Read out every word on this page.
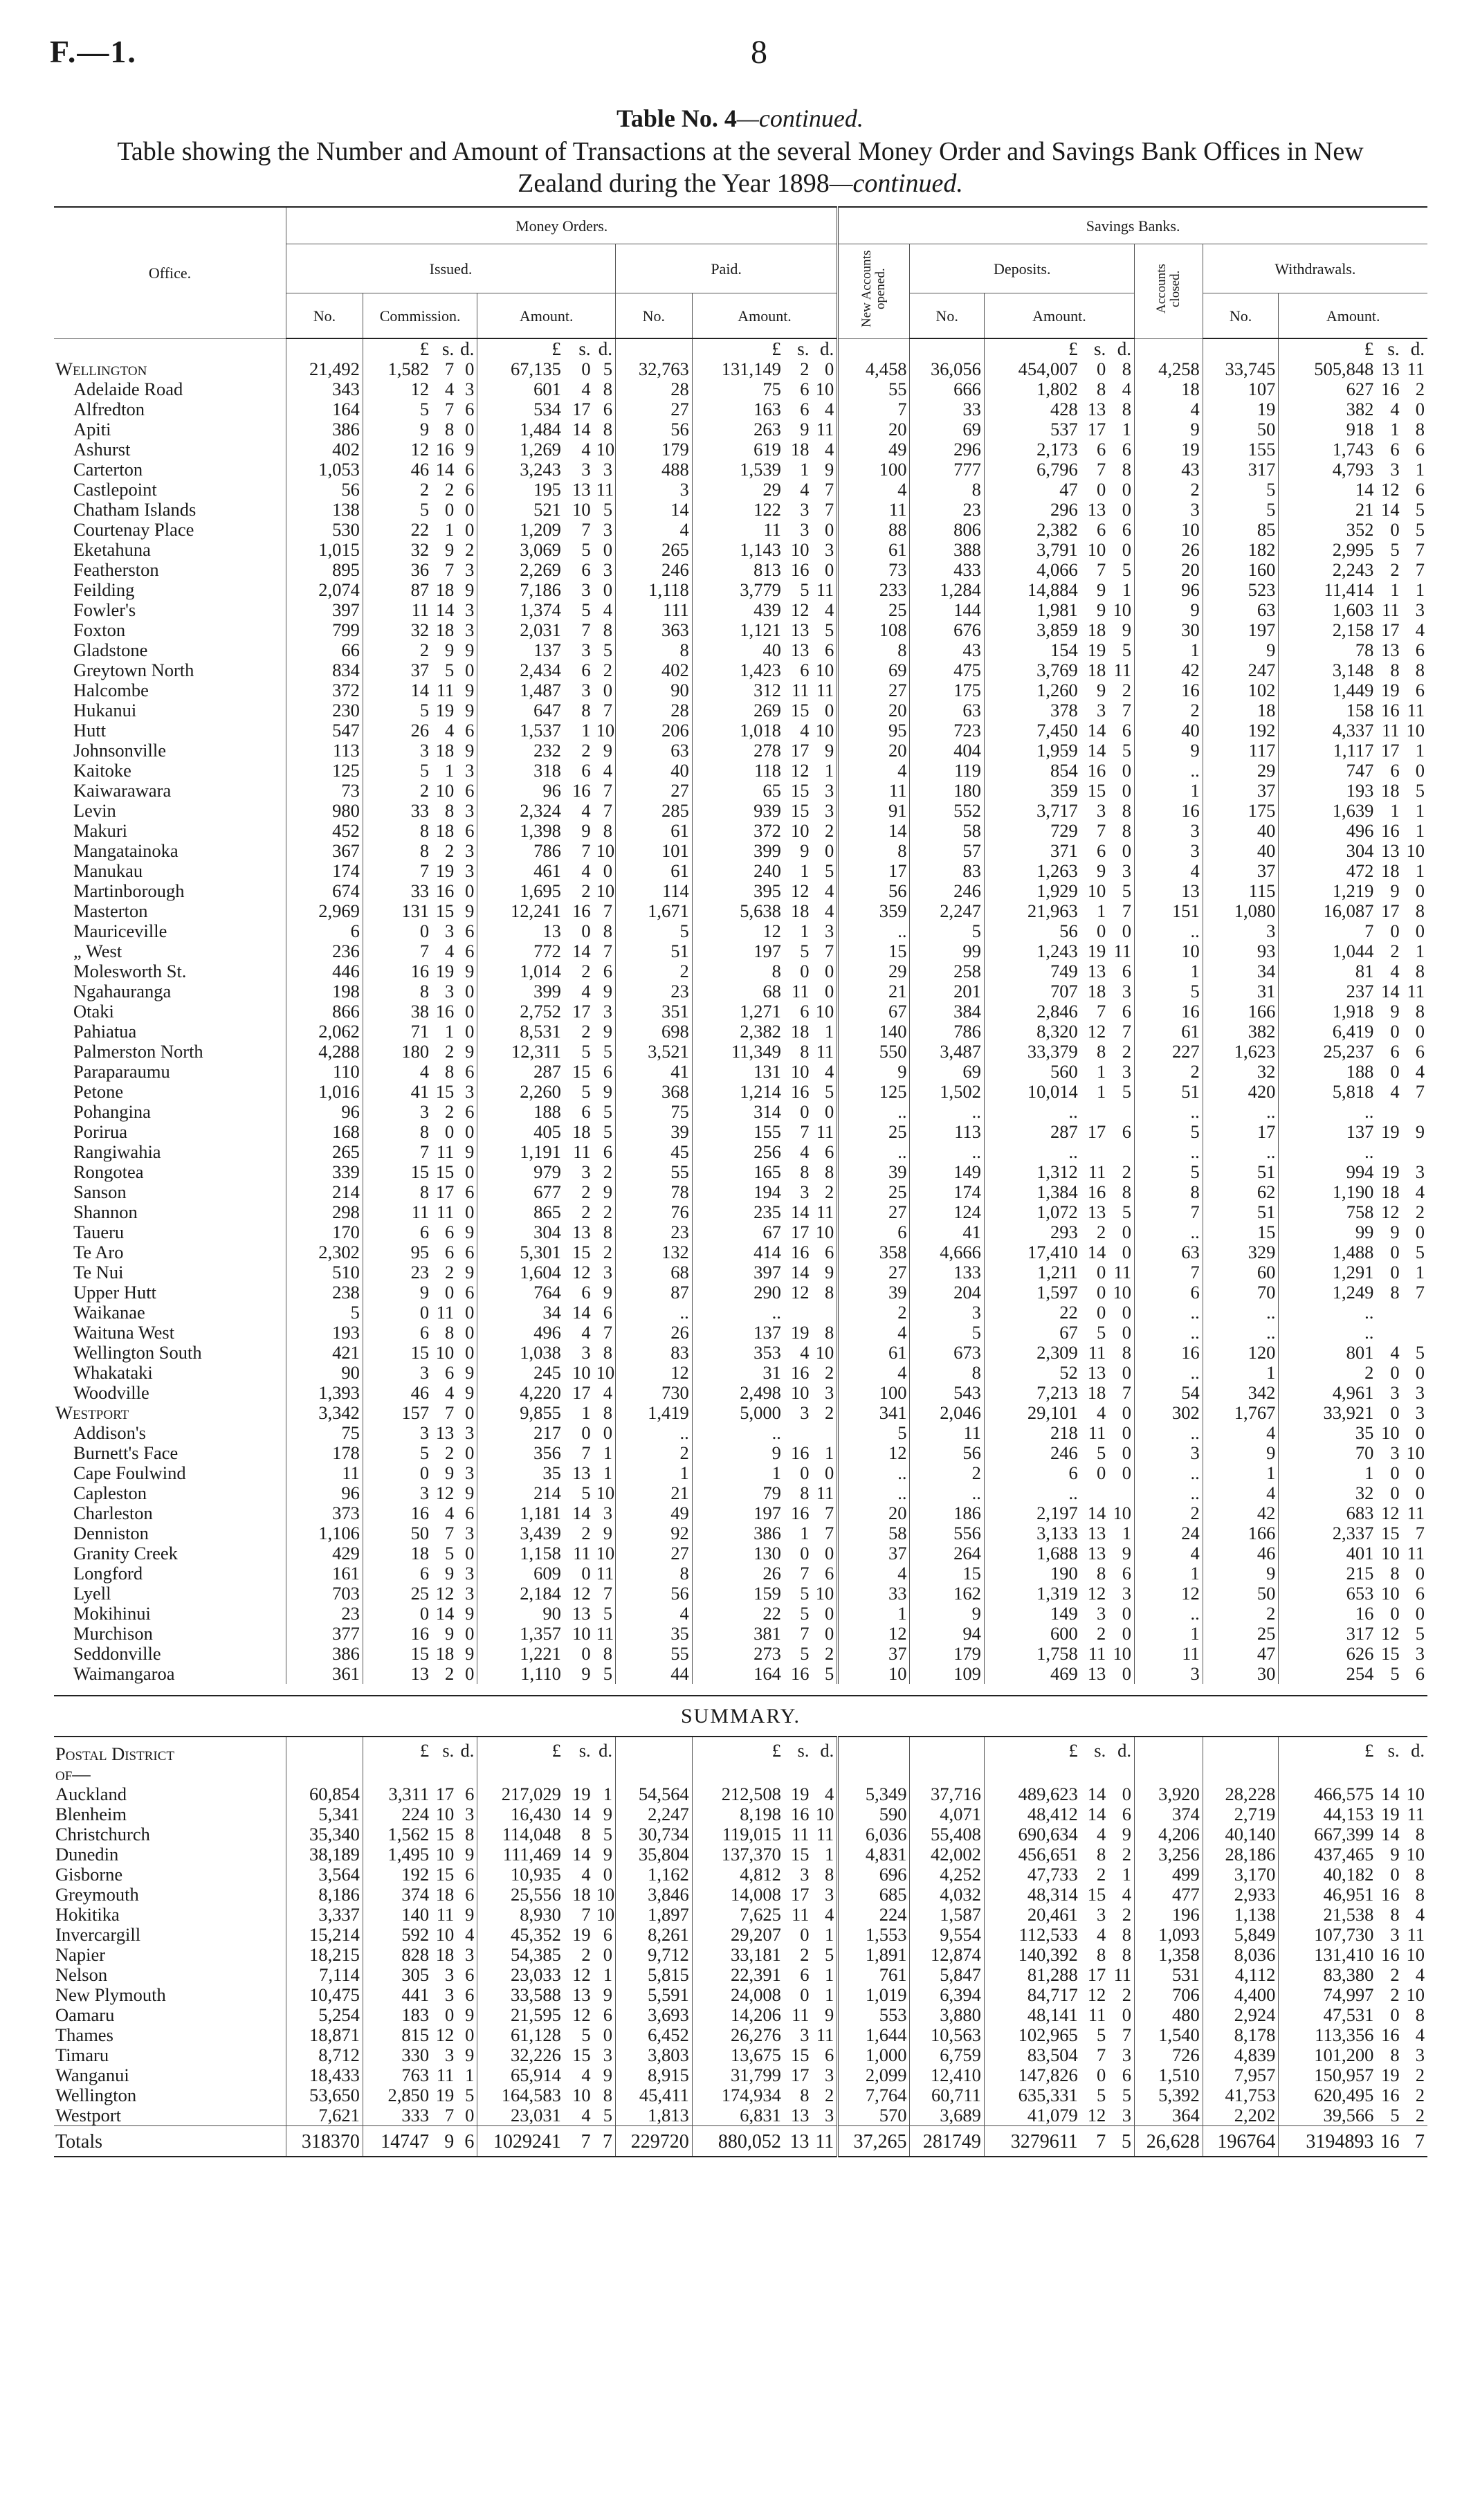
F.—1.	8
Table No. 4—continued.
Table showing the Number and Amount of Transactions at the several Money Order and Savings Bank Offices in New Zealand during the Year 1898—continued.
Office.	Money Orders.											Savings Banks.									
	Issued.							Paid.				New Accounts opened.	Deposits.				Accounts closed.	Withdrawals.			
	No.	Commission.			Amount.			No.	Amount.				No.	Amount.				No.	Amount.		
		£	s.	d.	£	s.	d.		£	s.	d.			£	s.	d.			£	s.	d.
Wellington	21,492	1,582	7	0	67,135	0	5	32,763	131,149	2	0	4,458	36,056	454,007	0	8	4,258	33,745	505,848	13	11
Adelaide Road	343	12	4	3	601	4	8	28	75	6	10	55	666	1,802	8	4	18	107	627	16	2
Alfredton	164	5	7	6	534	17	6	27	163	6	4	7	33	428	13	8	4	19	382	4	0
Apiti	386	9	8	0	1,484	14	8	56	263	9	11	20	69	537	17	1	9	50	918	1	8
Ashurst	402	12	16	9	1,269	4	10	179	619	18	4	49	296	2,173	6	6	19	155	1,743	6	6
Carterton	1,053	46	14	6	3,243	3	3	488	1,539	1	9	100	777	6,796	7	8	43	317	4,793	3	1
Castlepoint	56	2	2	6	195	13	11	3	29	4	7	4	8	47	0	0	2	5	14	12	6
Chatham Islands	138	5	0	0	521	10	5	14	122	3	7	11	23	296	13	0	3	5	21	14	5
Courtenay Place	530	22	1	0	1,209	7	3	4	11	3	0	88	806	2,382	6	6	10	85	352	0	5
Eketahuna	1,015	32	9	2	3,069	5	0	265	1,143	10	3	61	388	3,791	10	0	26	182	2,995	5	7
Featherston	895	36	7	3	2,269	6	3	246	813	16	0	73	433	4,066	7	5	20	160	2,243	2	7
Feilding	2,074	87	18	9	7,186	3	0	1,118	3,779	5	11	233	1,284	14,884	9	1	96	523	11,414	1	1
Fowler's	397	11	14	3	1,374	5	4	111	439	12	4	25	144	1,981	9	10	9	63	1,603	11	3
Foxton	799	32	18	3	2,031	7	8	363	1,121	13	5	108	676	3,859	18	9	30	197	2,158	17	4
Gladstone	66	2	9	9	137	3	5	8	40	13	6	8	43	154	19	5	1	9	78	13	6
Greytown North	834	37	5	0	2,434	6	2	402	1,423	6	10	69	475	3,769	18	11	42	247	3,148	8	8
Halcombe	372	14	11	9	1,487	3	0	90	312	11	11	27	175	1,260	9	2	16	102	1,449	19	6
Hukanui	230	5	19	9	647	8	7	28	269	15	0	20	63	378	3	7	2	18	158	16	11
Hutt	547	26	4	6	1,537	1	10	206	1,018	4	10	95	723	7,450	14	6	40	192	4,337	11	10
Johnsonville	113	3	18	9	232	2	9	63	278	17	9	20	404	1,959	14	5	9	117	1,117	17	1
Kaitoke	125	5	1	3	318	6	4	40	118	12	1	4	119	854	16	0	..	29	747	6	0
Kaiwarawara	73	2	10	6	96	16	7	27	65	15	3	11	180	359	15	0	1	37	193	18	5
Levin	980	33	8	3	2,324	4	7	285	939	15	3	91	552	3,717	3	8	16	175	1,639	1	1
Makuri	452	8	18	6	1,398	9	8	61	372	10	2	14	58	729	7	8	3	40	496	16	1
Mangatainoka	367	8	2	3	786	7	10	101	399	9	0	8	57	371	6	0	3	40	304	13	10
Manukau	174	7	19	3	461	4	0	61	240	1	5	17	83	1,263	9	3	4	37	472	18	1
Martinborough	674	33	16	0	1,695	2	10	114	395	12	4	56	246	1,929	10	5	13	115	1,219	9	0
Masterton	2,969	131	15	9	12,241	16	7	1,671	5,638	18	4	359	2,247	21,963	1	7	151	1,080	16,087	17	8
Mauriceville	6	0	3	6	13	0	8	5	12	1	3	..	5	56	0	0	..	3	7	0	0
„ West	236	7	4	6	772	14	7	51	197	5	7	15	99	1,243	19	11	10	93	1,044	2	1
Molesworth St.	446	16	19	9	1,014	2	6	2	8	0	0	29	258	749	13	6	1	34	81	4	8
Ngahauranga	198	8	3	0	399	4	9	23	68	11	0	21	201	707	18	3	5	31	237	14	11
Otaki	866	38	16	0	2,752	17	3	351	1,271	6	10	67	384	2,846	7	6	16	166	1,918	9	8
Pahiatua	2,062	71	1	0	8,531	2	9	698	2,382	18	1	140	786	8,320	12	7	61	382	6,419	0	0
Palmerston North	4,288	180	2	9	12,311	5	5	3,521	11,349	8	11	550	3,487	33,379	8	2	227	1,623	25,237	6	6
Paraparaumu	110	4	8	6	287	15	6	41	131	10	4	9	69	560	1	3	2	32	188	0	4
Petone	1,016	41	15	3	2,260	5	9	368	1,214	16	5	125	1,502	10,014	1	5	51	420	5,818	4	7
Pohangina	96	3	2	6	188	6	5	75	314	0	0	..	..	..			..	..	..		
Porirua	168	8	0	0	405	18	5	39	155	7	11	25	113	287	17	6	5	17	137	19	9
Rangiwahia	265	7	11	9	1,191	11	6	45	256	4	6	..	..	..			..	..	..		
Rongotea	339	15	15	0	979	3	2	55	165	8	8	39	149	1,312	11	2	5	51	994	19	3
Sanson	214	8	17	6	677	2	9	78	194	3	2	25	174	1,384	16	8	8	62	1,190	18	4
Shannon	298	11	11	0	865	2	2	76	235	14	11	27	124	1,072	13	5	7	51	758	12	2
Taueru	170	6	6	9	304	13	8	23	67	17	10	6	41	293	2	0	..	15	99	9	0
Te Aro	2,302	95	6	6	5,301	15	2	132	414	16	6	358	4,666	17,410	14	0	63	329	1,488	0	5
Te Nui	510	23	2	9	1,604	12	3	68	397	14	9	27	133	1,211	0	11	7	60	1,291	0	1
Upper Hutt	238	9	0	6	764	6	9	87	290	12	8	39	204	1,597	0	10	6	70	1,249	8	7
Waikanae	5	0	11	0	34	14	6	..	..			2	3	22	0	0	..	..	..		
Waituna West	193	6	8	0	496	4	7	26	137	19	8	4	5	67	5	0	..	..	..		
Wellington South	421	15	10	0	1,038	3	8	83	353	4	10	61	673	2,309	11	8	16	120	801	4	5
Whakataki	90	3	6	9	245	10	10	12	31	16	2	4	8	52	13	0	..	1	2	0	0
Woodville	1,393	46	4	9	4,220	17	4	730	2,498	10	3	100	543	7,213	18	7	54	342	4,961	3	3
Westport	3,342	157	7	0	9,855	1	8	1,419	5,000	3	2	341	2,046	29,101	4	0	302	1,767	33,921	0	3
Addison's	75	3	13	3	217	0	0	..	..			5	11	218	11	0	..	4	35	10	0
Burnett's Face	178	5	2	0	356	7	1	2	9	16	1	12	56	246	5	0	3	9	70	3	10
Cape Foulwind	11	0	9	3	35	13	1	1	1	0	0	..	2	6	0	0	..	1	1	0	0
Capleston	96	3	12	9	214	5	10	21	79	8	11	..	..	..			..	4	32	0	0
Charleston	373	16	4	6	1,181	14	3	49	197	16	7	20	186	2,197	14	10	2	42	683	12	11
Denniston	1,106	50	7	3	3,439	2	9	92	386	1	7	58	556	3,133	13	1	24	166	2,337	15	7
Granity Creek	429	18	5	0	1,158	11	10	27	130	0	0	37	264	1,688	13	9	4	46	401	10	11
Longford	161	6	9	3	609	0	11	8	26	7	6	4	15	190	8	6	1	9	215	8	0
Lyell	703	25	12	3	2,184	12	7	56	159	5	10	33	162	1,319	12	3	12	50	653	10	6
Mokihinui	23	0	14	9	90	13	5	4	22	5	0	1	9	149	3	0	..	2	16	0	0
Murchison	377	16	9	0	1,357	10	11	35	381	7	0	12	94	600	2	0	1	25	317	12	5
Seddonville	386	15	18	9	1,221	0	8	55	273	5	2	37	179	1,758	11	10	11	47	626	15	3
Waimangaroa	361	13	2	0	1,110	9	5	44	164	16	5	10	109	469	13	0	3	30	254	5	6

SUMMARY.																					
Postal District		£	s.	d.	£	s.	d.		£	s.	d.			£	s.	d.			£	s.	d.
of—																					
Auckland	60,854	3,311	17	6	217,029	19	1	54,564	212,508	19	4	5,349	37,716	489,623	14	0	3,920	28,228	466,575	14	10
Blenheim	5,341	224	10	3	16,430	14	9	2,247	8,198	16	10	590	4,071	48,412	14	6	374	2,719	44,153	19	11
Christchurch	35,340	1,562	15	8	114,048	8	5	30,734	119,015	11	11	6,036	55,408	690,634	4	9	4,206	40,140	667,399	14	8
Dunedin	38,189	1,495	10	9	111,469	14	9	35,804	137,370	15	1	4,831	42,002	456,651	8	2	3,256	28,186	437,465	9	10
Gisborne	3,564	192	15	6	10,935	4	0	1,162	4,812	3	8	696	4,252	47,733	2	1	499	3,170	40,182	0	8
Greymouth	8,186	374	18	6	25,556	18	10	3,846	14,008	17	3	685	4,032	48,314	15	4	477	2,933	46,951	16	8
Hokitika	3,337	140	11	9	8,930	7	10	1,897	7,625	11	4	224	1,587	20,461	3	2	196	1,138	21,538	8	4
Invercargill	15,214	592	10	4	45,352	19	6	8,261	29,207	0	1	1,553	9,554	112,533	4	8	1,093	5,849	107,730	3	11
Napier	18,215	828	18	3	54,385	2	0	9,712	33,181	2	5	1,891	12,874	140,392	8	8	1,358	8,036	131,410	16	10
Nelson	7,114	305	3	6	23,033	12	1	5,815	22,391	6	1	761	5,847	81,288	17	11	531	4,112	83,380	2	4
New Plymouth	10,475	441	3	6	33,588	13	9	5,591	24,008	0	1	1,019	6,394	84,717	12	2	706	4,400	74,997	2	10
Oamaru	5,254	183	0	9	21,595	12	6	3,693	14,206	11	9	553	3,880	48,141	11	0	480	2,924	47,531	0	8
Thames	18,871	815	12	0	61,128	5	0	6,452	26,276	3	11	1,644	10,563	102,965	5	7	1,540	8,178	113,356	16	4
Timaru	8,712	330	3	9	32,226	15	3	3,803	13,675	15	6	1,000	6,759	83,504	7	3	726	4,839	101,200	8	3
Wanganui	18,433	763	11	1	65,914	4	9	8,915	31,799	17	3	2,099	12,410	147,826	0	6	1,510	7,957	150,957	19	2
Wellington	53,650	2,850	19	5	164,583	10	8	45,411	174,934	8	2	7,764	60,711	635,331	5	5	5,392	41,753	620,495	16	2
Westport	7,621	333	7	0	23,031	4	5	1,813	6,831	13	3	570	3,689	41,079	12	3	364	2,202	39,566	5	2
Totals	318370	14747	9	6	1029241	7	7	229720	880,052	13	11	37,265	281749	3279611	7	5	26,628	196764	3194893	16	7
